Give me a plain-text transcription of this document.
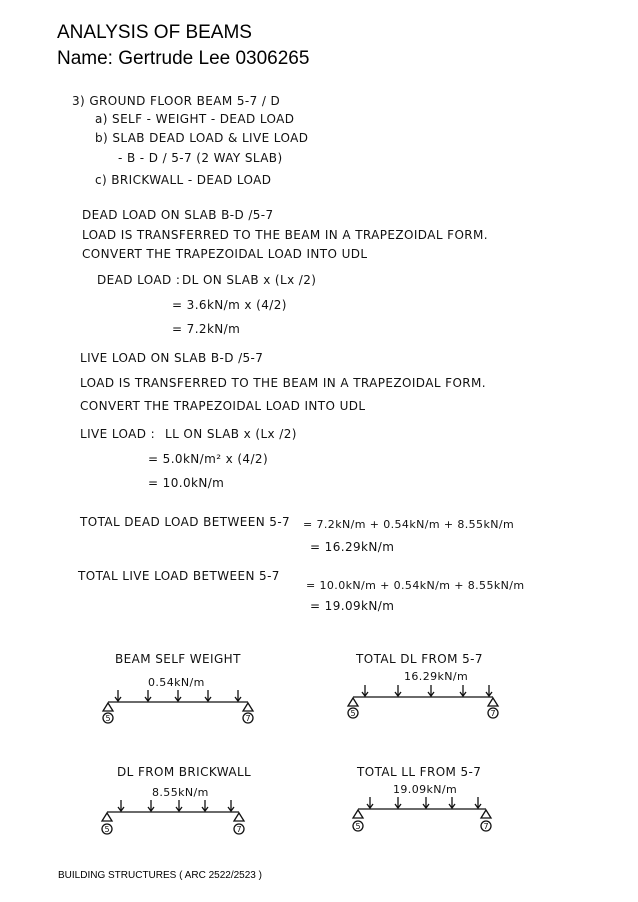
ANALYSIS OF BEAMS
Name: Gertrude Lee 0306265
3) GROUND FLOOR BEAM 5-7 / D
a) SELF - WEIGHT - DEAD LOAD
b) SLAB DEAD LOAD & LIVE LOAD
- B - D / 5-7 (2 WAY SLAB)
c) BRICKWALL - DEAD LOAD
DEAD LOAD ON SLAB B-D /5-7
LOAD IS TRANSFERRED TO THE BEAM IN A TRAPEZOIDAL FORM.
CONVERT THE TRAPEZOIDAL LOAD INTO UDL
DEAD LOAD : DL ON SLAB x (Lx /2)
= 3.6kN/m x (4/2)
= 7.2kN/m
LIVE LOAD ON SLAB B-D /5-7
LOAD IS TRANSFERRED TO THE BEAM IN A TRAPEZOIDAL FORM.
CONVERT THE TRAPEZOIDAL LOAD INTO UDL
LIVE LOAD : LL ON SLAB x (Lx /2)
= 5.0kN/m² x (4/2)
= 10.0kN/m
TOTAL DEAD LOAD BETWEEN 5-7 = 7.2kN/m + 0.54kN/m + 8.55kN/m
= 16.29kN/m
TOTAL LIVE LOAD BETWEEN 5-7
= 10.0kN/m + 0.54kN/m + 8.55kN/m
= 19.09kN/m
BEAM SELF WEIGHT
0.54kN/m
5	7
TOTAL DL FROM 5-7
16.29kN/m
5	7
DL FROM BRICKWALL
8.55kN/m
5	7
TOTAL LL FROM 5-7
19.09kN/m
5	7
BUILDING STRUCTURES ( ARC 2522/2523 )
